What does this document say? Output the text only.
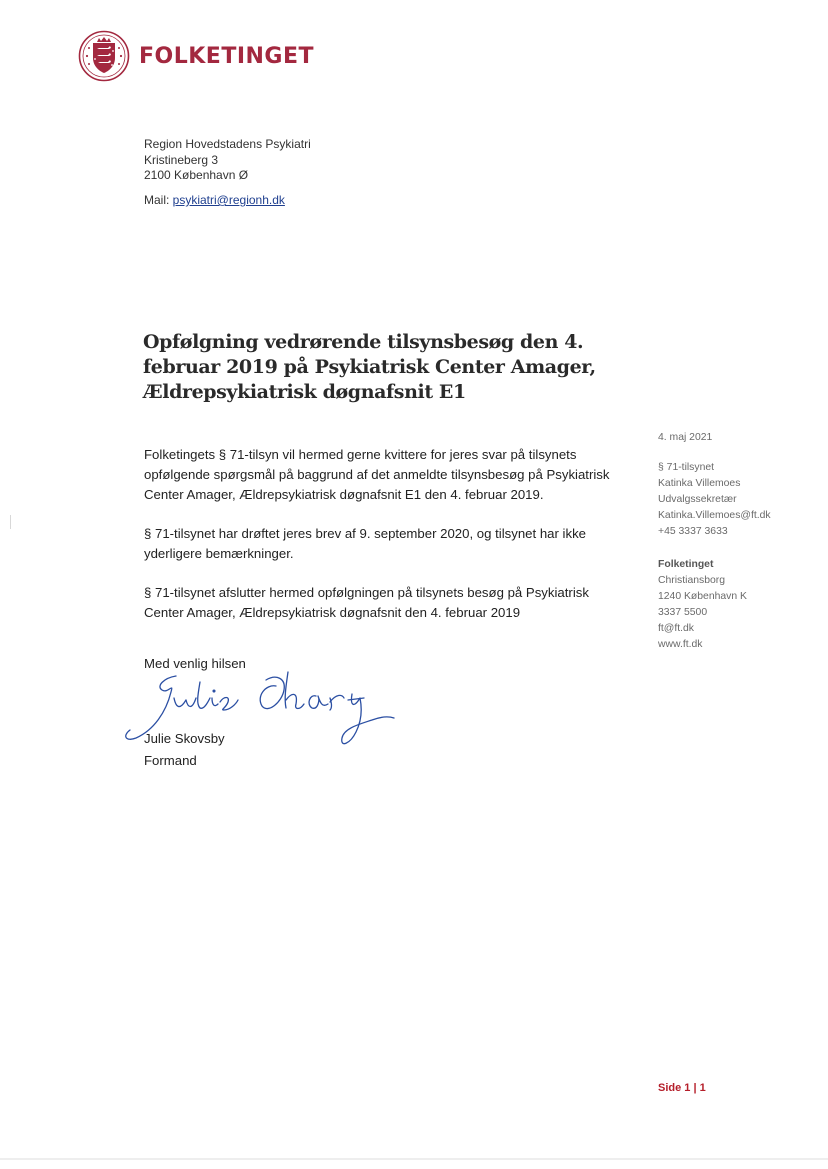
FOLKETINGET
Region Hovedstadens Psykiatri
Kristineberg 3
2100 København Ø
Mail: psykiatri@regionh.dk
Opfølgning vedrørende tilsynsbesøg den 4. februar 2019 på Psykiatrisk Center Amager, Ældrepsykiatrisk døgnafsnit E1

Folketingets § 71-tilsyn vil hermed gerne kvittere for jeres svar på tilsynets opfølgende spørgsmål på baggrund af det anmeldte tilsynsbesøg på Psykiatrisk Center Amager, Ældrepsykiatrisk døgnafsnit E1 den 4. februar 2019.

§ 71-tilsynet har drøftet jeres brev af 9. september 2020, og tilsynet har ikke yderligere bemærkninger.

§ 71-tilsynet afslutter hermed opfølgningen på tilsynets besøg på Psykiatrisk Center Amager, Ældrepsykiatrisk døgnafsnit den 4. februar 2019

Med venlig hilsen
Julie Skovsby
Formand
4. maj 2021
§ 71-tilsynet
Katinka Villemoes
Udvalgssekretær
Katinka.Villemoes@ft.dk
+45 3337 3633
Folketinget
Christiansborg
1240 København K
3337 5500
ft@ft.dk
www.ft.dk
Side 1 | 1
